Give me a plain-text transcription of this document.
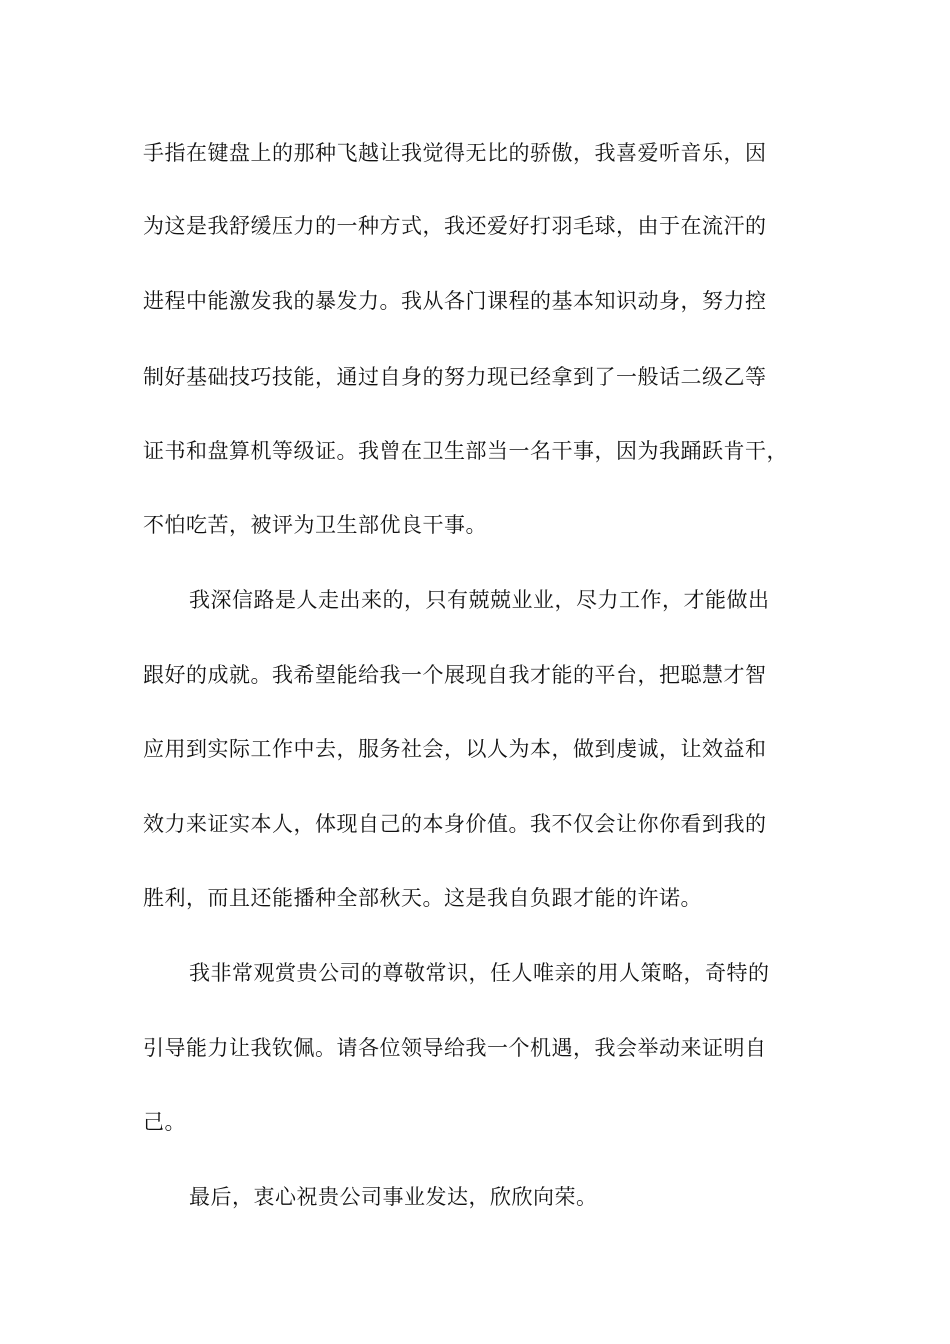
手指在键盘上的那种飞越让我觉得无比的骄傲，我喜爱听音乐，因
为这是我舒缓压力的一种方式，我还爱好打羽毛球，由于在流汗的
进程中能激发我的暴发力。我从各门课程的基本知识动身，努力控
制好基础技巧技能，通过自身的努力现已经拿到了一般话二级乙等
证书和盘算机等级证。我曾在卫生部当一名干事，因为我踊跃肯干，
不怕吃苦，被评为卫生部优良干事。
我深信路是人走出来的，只有兢兢业业，尽力工作，才能做出
跟好的成就。我希望能给我一个展现自我才能的平台，把聪慧才智
应用到实际工作中去，服务社会，以人为本，做到虔诚，让效益和
效力来证实本人，体现自己的本身价值。我不仅会让你你看到我的
胜利，而且还能播种全部秋天。这是我自负跟才能的许诺。
我非常观赏贵公司的尊敬常识，任人唯亲的用人策略，奇特的
引导能力让我钦佩。请各位领导给我一个机遇，我会举动来证明自
己。
最后，衷心祝贵公司事业发达，欣欣向荣。
